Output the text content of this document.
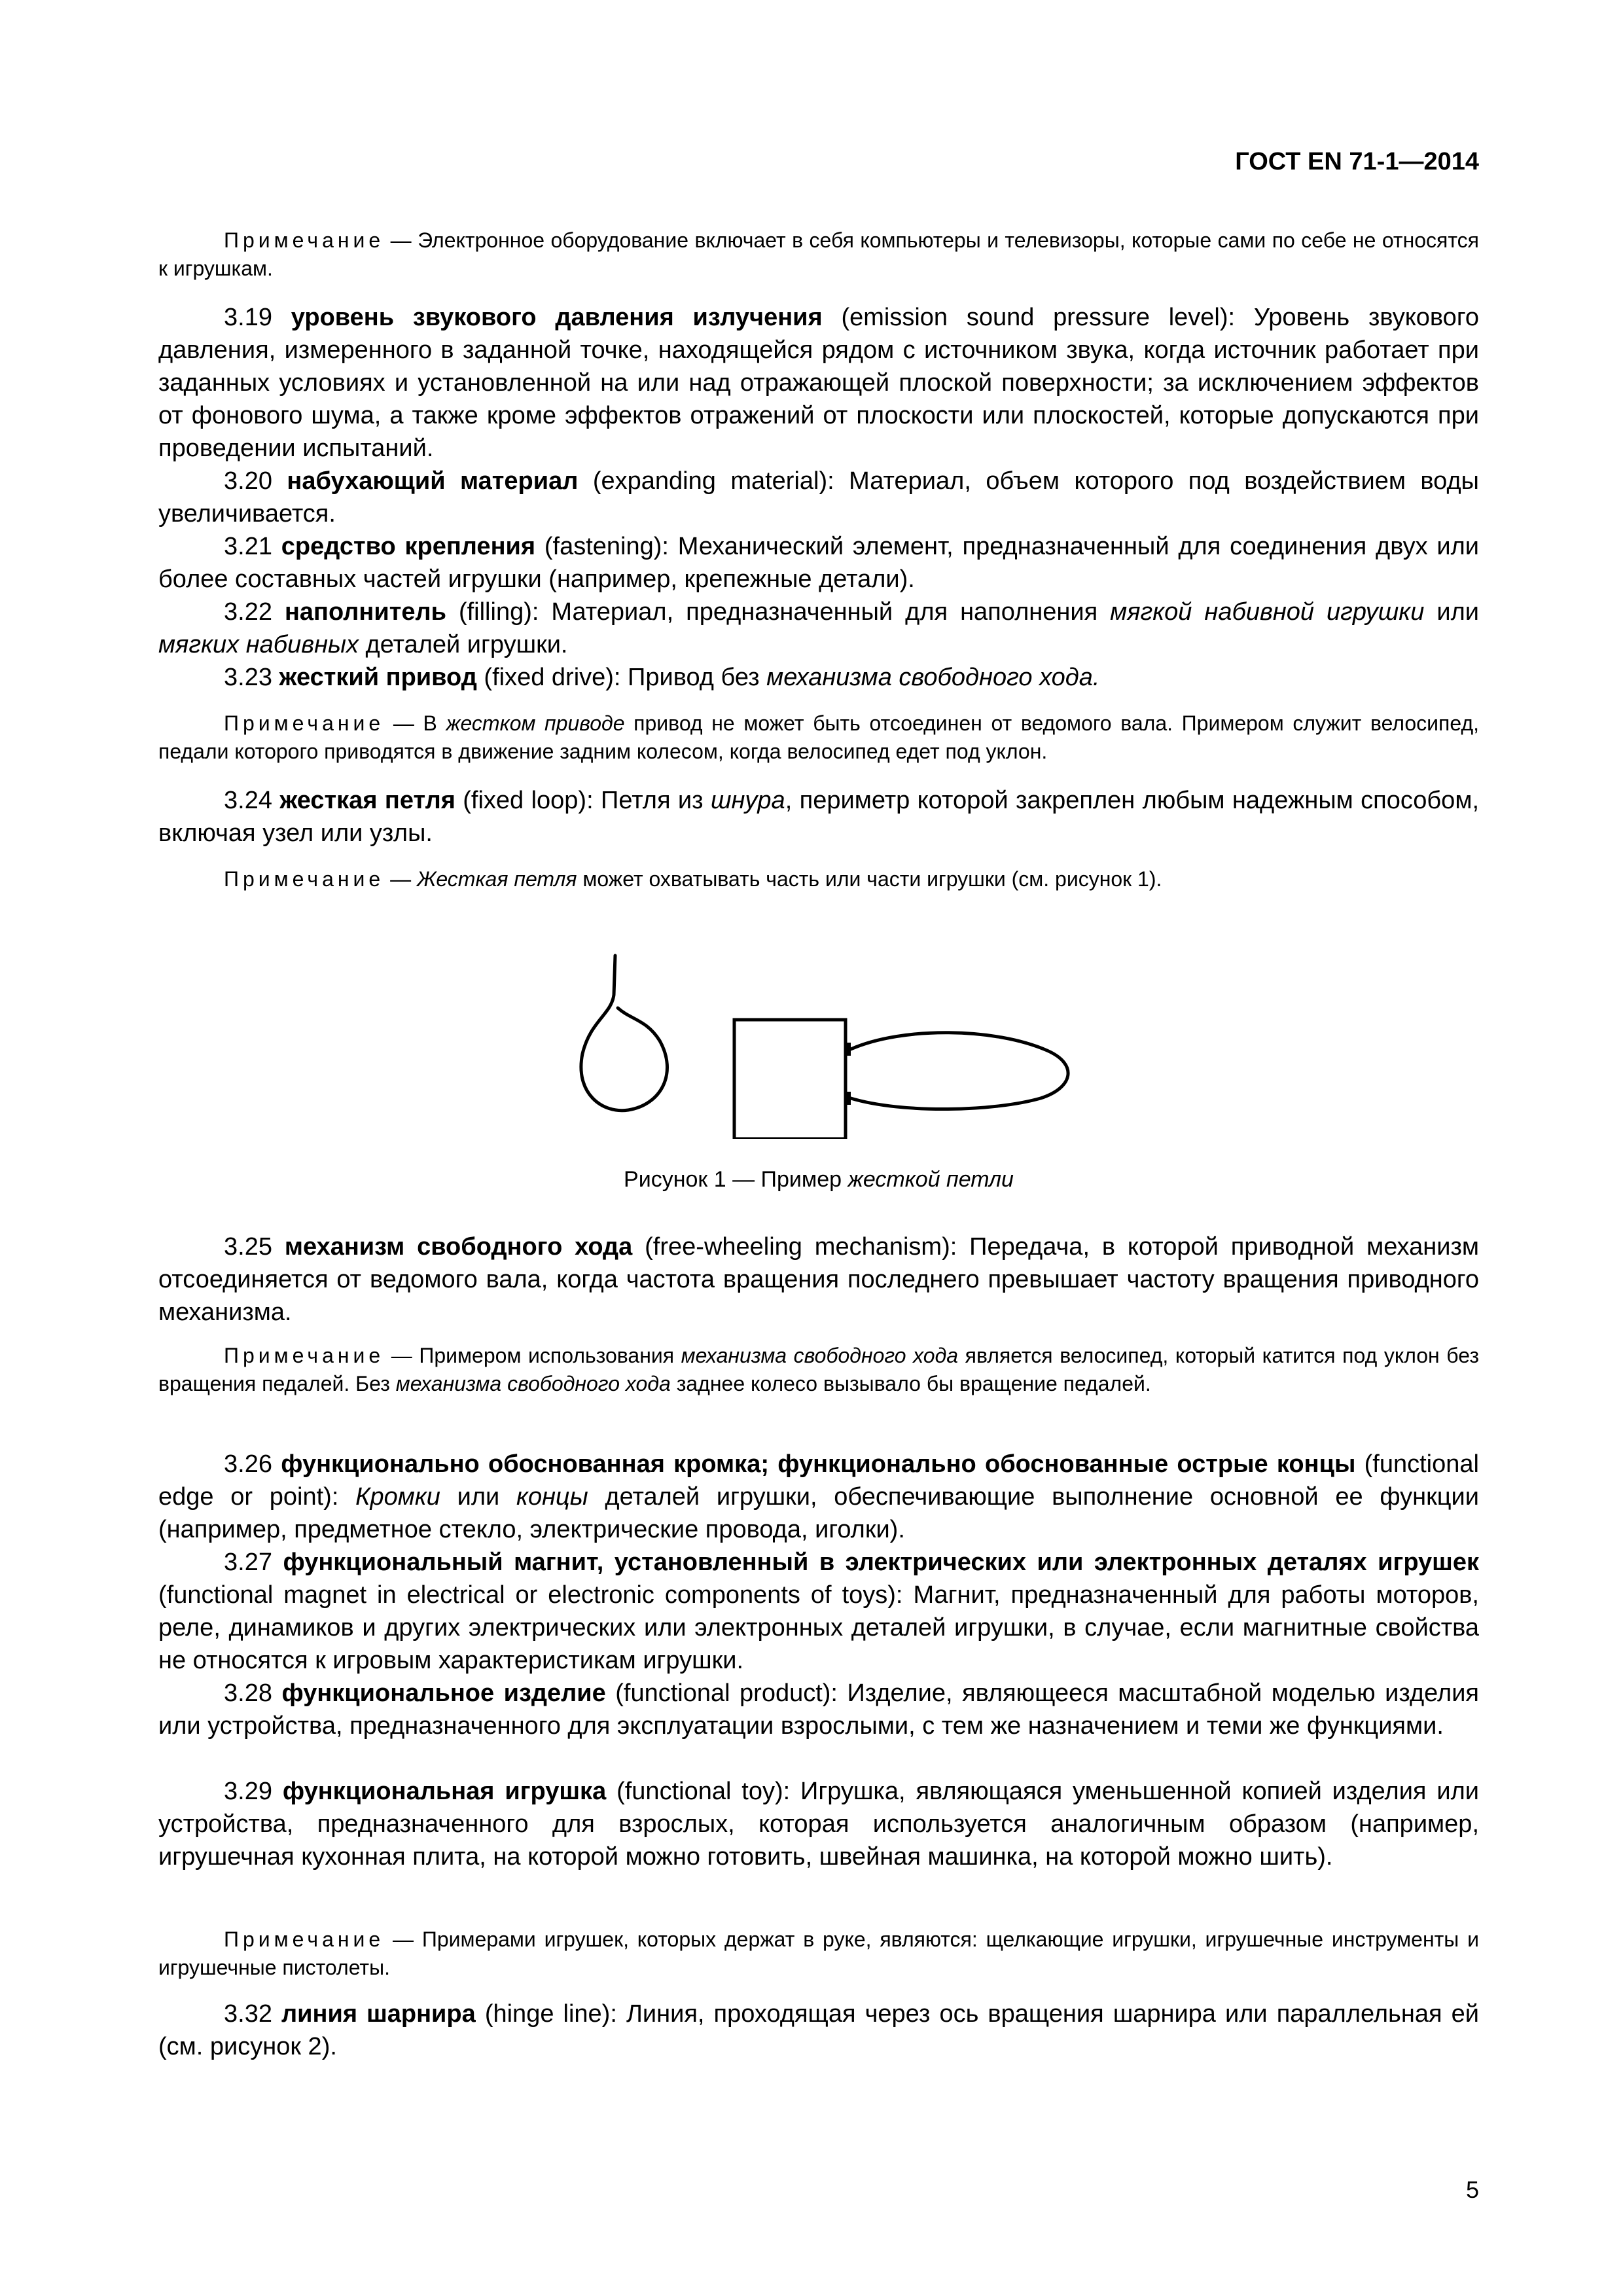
ГОСТ EN 71-1—2014

Примечание — Электронное оборудование включает в себя компьютеры и телевизоры, которые сами по себе не относятся к игрушкам.

3.19 уровень звукового давления излучения (emission sound pressure level): Уровень звукового давления, измеренного в заданной точке, находящейся рядом с источником звука, когда источник работает при заданных условиях и установленной на или над отражающей плоской поверхности; за исключением эффектов от фонового шума, а также кроме эффектов отражений от плоскости или плоскостей, которые допускаются при проведении испытаний.

3.20 набухающий материал (expanding material): Материал, объем которого под воздействием воды увеличивается.

3.21 средство крепления (fastening): Механический элемент, предназначенный для соединения двух или более составных частей игрушки (например, крепежные детали).

3.22 наполнитель (filling): Материал, предназначенный для наполнения мягкой набивной игрушки или мягких набивных деталей игрушки.

3.23 жесткий привод (fixed drive): Привод без механизма свободного хода.

Примечание — В жестком приводе привод не может быть отсоединен от ведомого вала. Примером служит велосипед, педали которого приводятся в движение задним колесом, когда велосипед едет под уклон.

3.24 жесткая петля (fixed loop): Петля из шнура, периметр которой закреплен любым надежным способом, включая узел или узлы.

Примечание — Жесткая петля может охватывать часть или части игрушки (см. рисунок 1).

Рисунок 1 — Пример жесткой петли

3.25 механизм свободного хода (free-wheeling mechanism): Передача, в которой приводной механизм отсоединяется от ведомого вала, когда частота вращения последнего превышает частоту вращения приводного механизма.

Примечание — Примером использования механизма свободного хода является велосипед, который катится под уклон без вращения педалей. Без механизма свободного хода заднее колесо вызывало бы вращение педалей.

3.26 функционально обоснованная кромка; функционально обоснованные острые концы (functional edge or point): Кромки или концы деталей игрушки, обеспечивающие выполнение основной ее функции (например, предметное стекло, электрические провода, иголки).

3.27 функциональный магнит, установленный в электрических или электронных деталях игрушек (functional magnet in electrical or electronic components of toys): Магнит, предназначенный для работы моторов, реле, динамиков и других электрических или электронных деталей игрушки, в случае, если магнитные свойства не относятся к игровым характеристикам игрушки.

3.28 функциональное изделие (functional product): Изделие, являющееся масштабной моделью изделия или устройства, предназначенного для эксплуатации взрослыми, с тем же назначением и теми же функциями.

3.29 функциональная игрушка (functional toy): Игрушка, являющаяся уменьшенной копией изделия или устройства, предназначенного для взрослых, которая используется аналогичным образом (например, игрушечная кухонная плита, на которой можно готовить, швейная машинка, на которой можно шить).

Примечание — Примерами игрушек, которых держат в руке, являются: щелкающие игрушки, игрушечные инструменты и игрушечные пистолеты.

3.32 линия шарнира (hinge line): Линия, проходящая через ось вращения шарнира или параллельная ей (см. рисунок 2).

5
